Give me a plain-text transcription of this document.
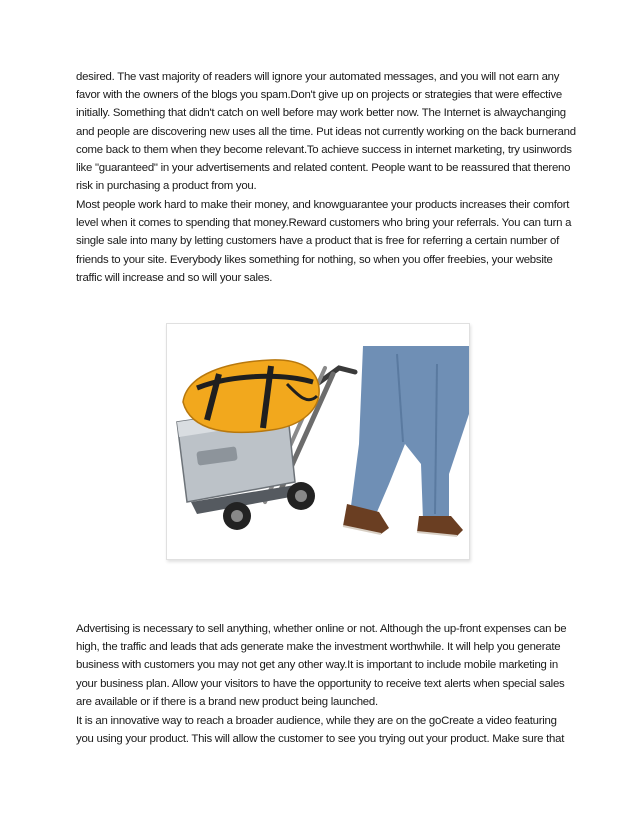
desired. The vast majority of readers will ignore your automated messages, and you will not earn any
favor with the owners of the blogs you spam.Don't give up on projects or strategies that were effective
initially. Something that didn't catch on well before may work better now. The Internet is alwaychanging
and people are discovering new uses all the time. Put ideas not currently working on the back burnerand
come back to them when they become relevant.To achieve success in internet marketing, try usinwords
like "guaranteed" in your advertisements and related content. People want to be reassured that thereno
risk in purchasing a product from you.
Most people work hard to make their money, and knowguarantee your products increases their comfort
level when it comes to spending that money.Reward customers who bring your referrals. You can turn a
single sale into many by letting customers have a product that is free for referring a certain number of
friends to your site. Everybody likes something for nothing, so when you offer freebies, your website
traffic will increase and so will your sales.
Advertising is necessary to sell anything, whether online or not. Although the up-front expenses can be
high, the traffic and leads that ads generate make the investment worthwhile. It will help you generate
business with customers you may not get any other way.It is important to include mobile marketing in
your business plan. Allow your visitors to have the opportunity to receive text alerts when special sales
are available or if there is a brand new product being launched.
It is an innovative way to reach a broader audience, while they are on the goCreate a video featuring
you using your product. This will allow the customer to see you trying out your product. Make sure that
